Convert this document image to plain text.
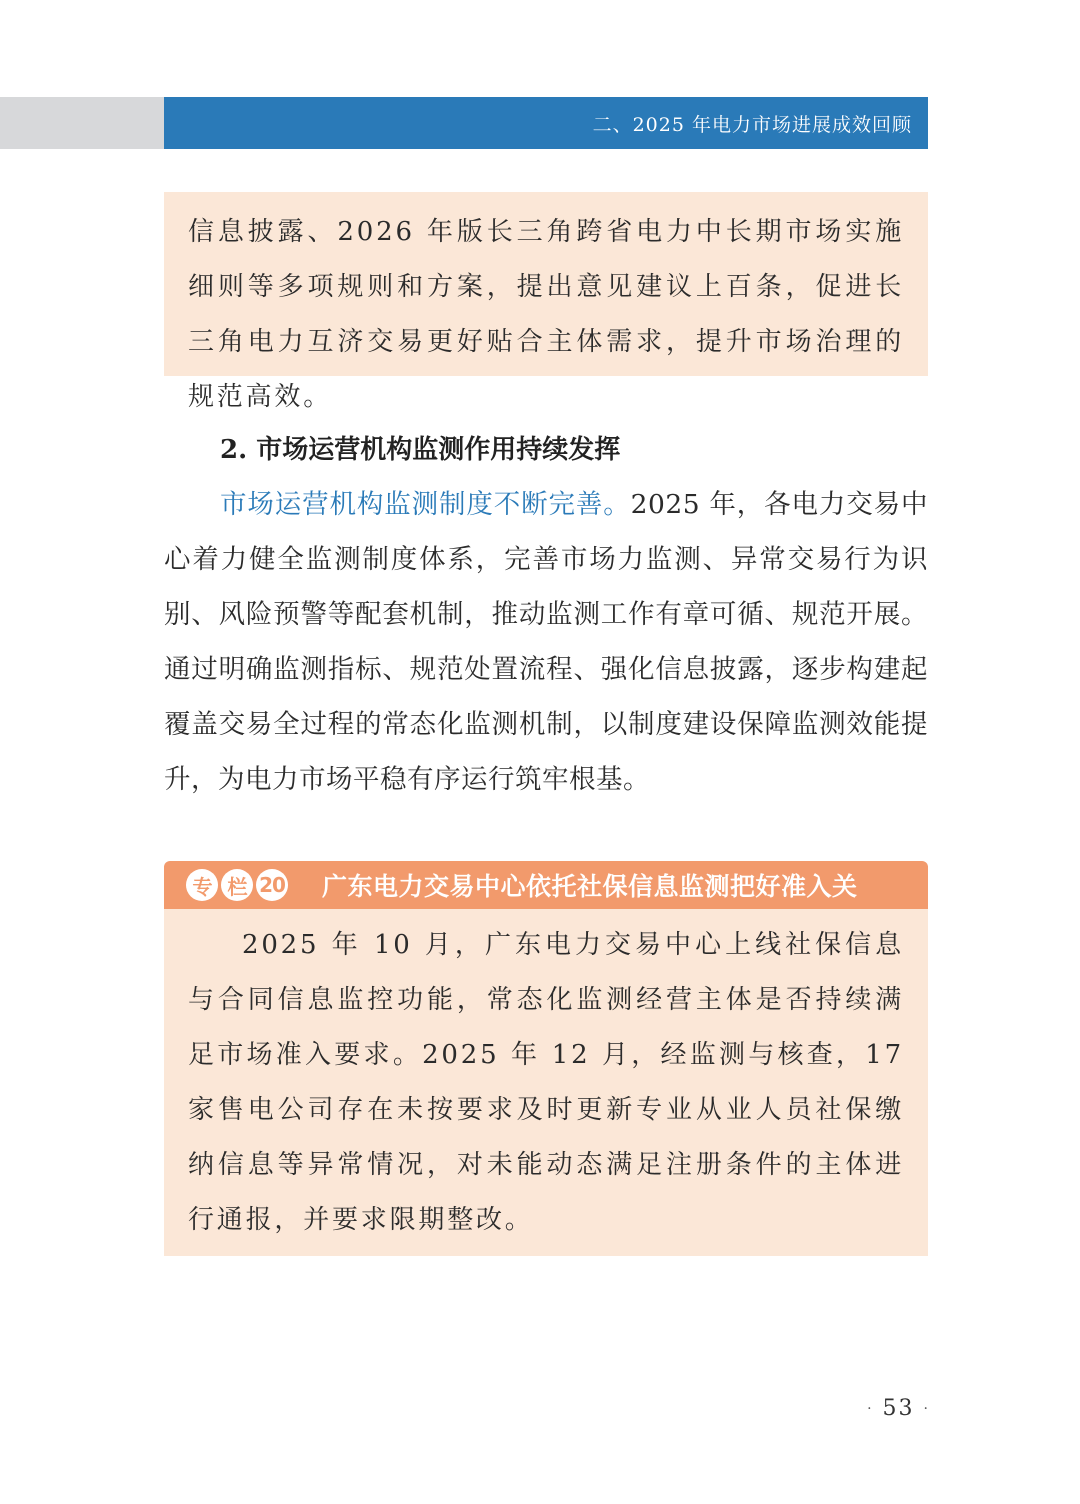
二、2025 年电力市场进展成效回顾

信息披露、2026 年版长三角跨省电力中长期市场实施细则等多项规则和方案，提出意见建议上百条，促进长三角电力互济交易更好贴合主体需求，提升市场治理的规范高效。

2. 市场运营机构监测作用持续发挥

市场运营机构监测制度不断完善。2025 年，各电力交易中心着力健全监测制度体系，完善市场力监测、异常交易行为识别、风险预警等配套机制，推动监测工作有章可循、规范开展。通过明确监测指标、规范处置流程、强化信息披露，逐步构建起覆盖交易全过程的常态化监测机制，以制度建设保障监测效能提升，为电力市场平稳有序运行筑牢根基。

专 栏 20 广东电力交易中心依托社保信息监测把好准入关

2025 年 10 月，广东电力交易中心上线社保信息与合同信息监控功能，常态化监测经营主体是否持续满足市场准入要求。2025 年 12 月，经监测与核查，17 家售电公司存在未按要求及时更新专业从业人员社保缴纳信息等异常情况，对未能动态满足注册条件的主体进行通报，并要求限期整改。

· 53 ·
